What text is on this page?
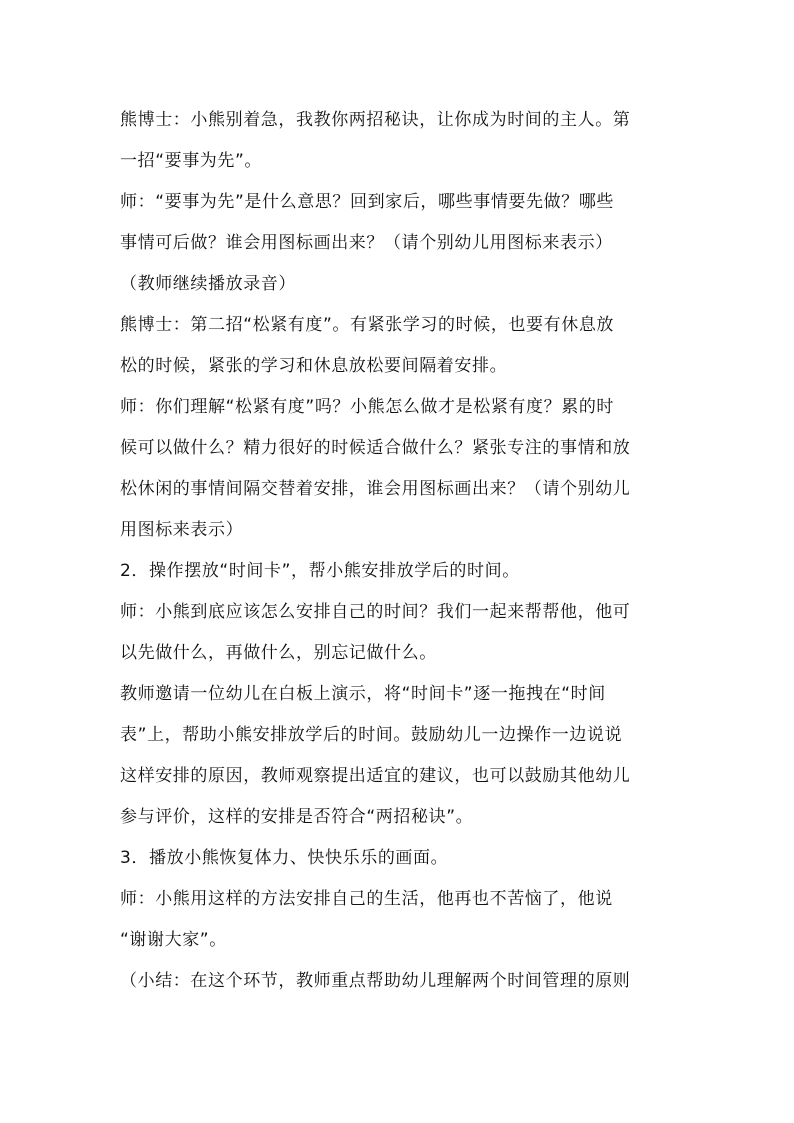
熊博士：小熊别着急，我教你两招秘诀，让你成为时间的主人。第
一招“要事为先”。
师：“要事为先”是什么意思？回到家后，哪些事情要先做？哪些
事情可后做？谁会用图标画出来？（请个别幼儿用图标来表示）
（教师继续播放录音）
熊博士：第二招“松紧有度”。有紧张学习的时候，也要有休息放
松的时候，紧张的学习和休息放松要间隔着安排。
师：你们理解“松紧有度”吗？小熊怎么做才是松紧有度？累的时
候可以做什么？精力很好的时候适合做什么？紧张专注的事情和放
松休闲的事情间隔交替着安排，谁会用图标画出来？（请个别幼儿
用图标来表示）
2．操作摆放“时间卡”，帮小熊安排放学后的时间。
师：小熊到底应该怎么安排自己的时间？我们一起来帮帮他，他可
以先做什么，再做什么，别忘记做什么。
教师邀请一位幼儿在白板上演示，将“时间卡”逐一拖拽在“时间
表”上，帮助小熊安排放学后的时间。鼓励幼儿一边操作一边说说
这样安排的原因，教师观察提出适宜的建议，也可以鼓励其他幼儿
参与评价，这样的安排是否符合“两招秘诀”。
3．播放小熊恢复体力、快快乐乐的画面。
师：小熊用这样的方法安排自己的生活，他再也不苦恼了，他说
“谢谢大家”。
（小结：在这个环节，教师重点帮助幼儿理解两个时间管理的原则
